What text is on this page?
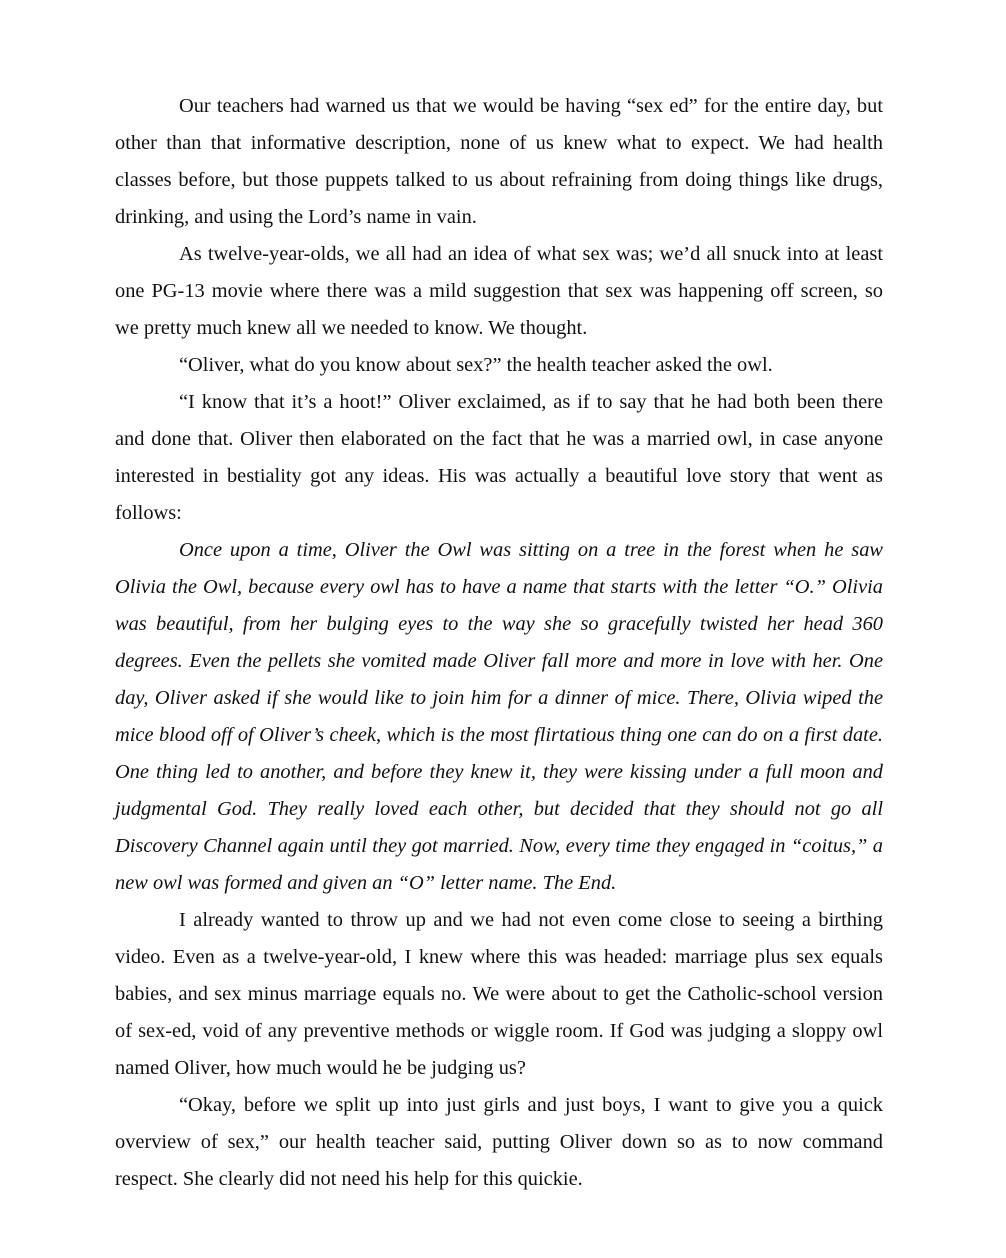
Our teachers had warned us that we would be having “sex ed” for the entire day, but other than that informative description, none of us knew what to expect. We had health classes before, but those puppets talked to us about refraining from doing things like drugs, drinking, and using the Lord’s name in vain.

As twelve-year-olds, we all had an idea of what sex was; we’d all snuck into at least one PG-13 movie where there was a mild suggestion that sex was happening off screen, so we pretty much knew all we needed to know. We thought.

“Oliver, what do you know about sex?” the health teacher asked the owl.

“I know that it’s a hoot!” Oliver exclaimed, as if to say that he had both been there and done that. Oliver then elaborated on the fact that he was a married owl, in case anyone interested in bestiality got any ideas. His was actually a beautiful love story that went as follows:

Once upon a time, Oliver the Owl was sitting on a tree in the forest when he saw Olivia the Owl, because every owl has to have a name that starts with the letter “O.” Olivia was beautiful, from her bulging eyes to the way she so gracefully twisted her head 360 degrees. Even the pellets she vomited made Oliver fall more and more in love with her. One day, Oliver asked if she would like to join him for a dinner of mice. There, Olivia wiped the mice blood off of Oliver’s cheek, which is the most flirtatious thing one can do on a first date. One thing led to another, and before they knew it, they were kissing under a full moon and judgmental God. They really loved each other, but decided that they should not go all Discovery Channel again until they got married. Now, every time they engaged in “coitus,” a new owl was formed and given an “O” letter name. The End.

I already wanted to throw up and we had not even come close to seeing a birthing video. Even as a twelve-year-old, I knew where this was headed: marriage plus sex equals babies, and sex minus marriage equals no. We were about to get the Catholic-school version of sex-ed, void of any preventive methods or wiggle room. If God was judging a sloppy owl named Oliver, how much would he be judging us?

“Okay, before we split up into just girls and just boys, I want to give you a quick overview of sex,” our health teacher said, putting Oliver down so as to now command respect. She clearly did not need his help for this quickie.
